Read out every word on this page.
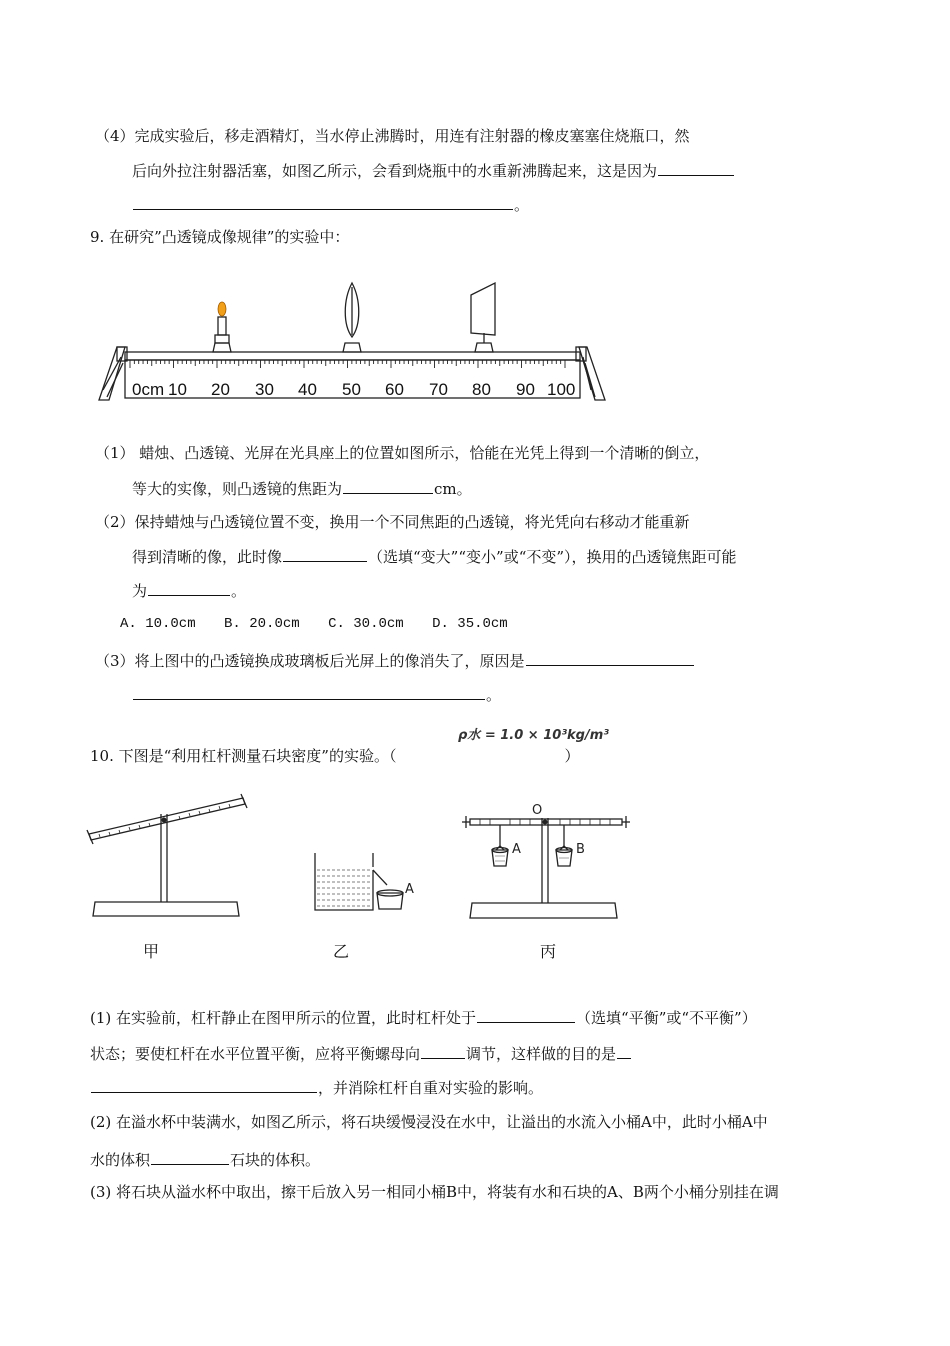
（4）完成实验后，移走酒精灯，当水停止沸腾时，用连有注射器的橡皮塞塞住烧瓶口，然
后向外拉注射器活塞，如图乙所示，会看到烧瓶中的水重新沸腾起来，这是因为
。
9. 在研究”凸透镜成像规律”的实验中：
0cm 10 20 30 40 50 60 70 80 90 100
（1） 蜡烛、凸透镜、光屏在光具座上的位置如图所示，恰能在光凭上得到一个清晰的倒立，
等大的实像，则凸透镜的焦距为	cm。
（2）保持蜡烛与凸透镜位置不变，换用一个不同焦距的凸透镜，将光凭向右移动才能重新
得到清晰的像，此时像	（选填“变大”“变小”或“不变”），换用的凸透镜焦距可能
为	。
A. 10.0cm B. 20.0cm C. 30.0cm D. 35.0cm
（3）将上图中的凸透镜换成玻璃板后光屏上的像消失了，原因是
。
ρ水 = 1.0 × 10³kg/m³
10. 下图是“利用杠杆测量石块密度”的实验。（	）
A
O
A	B
甲	乙	丙
(1) 在实验前，杠杆静止在图甲所示的位置，此时杠杆处于	（选填“平衡”或“不平衡”）
状态；要使杠杆在水平位置平衡，应将平衡螺母向	调节，这样做的目的是
，并消除杠杆自重对实验的影响。
(2) 在溢水杯中装满水，如图乙所示，将石块缓慢浸没在水中，让溢出的水流入小桶A中，此时小桶A中
水的体积	石块的体积。
(3) 将石块从溢水杯中取出，擦干后放入另一相同小桶B中，将装有水和石块的A、B两个小桶分别挂在调
